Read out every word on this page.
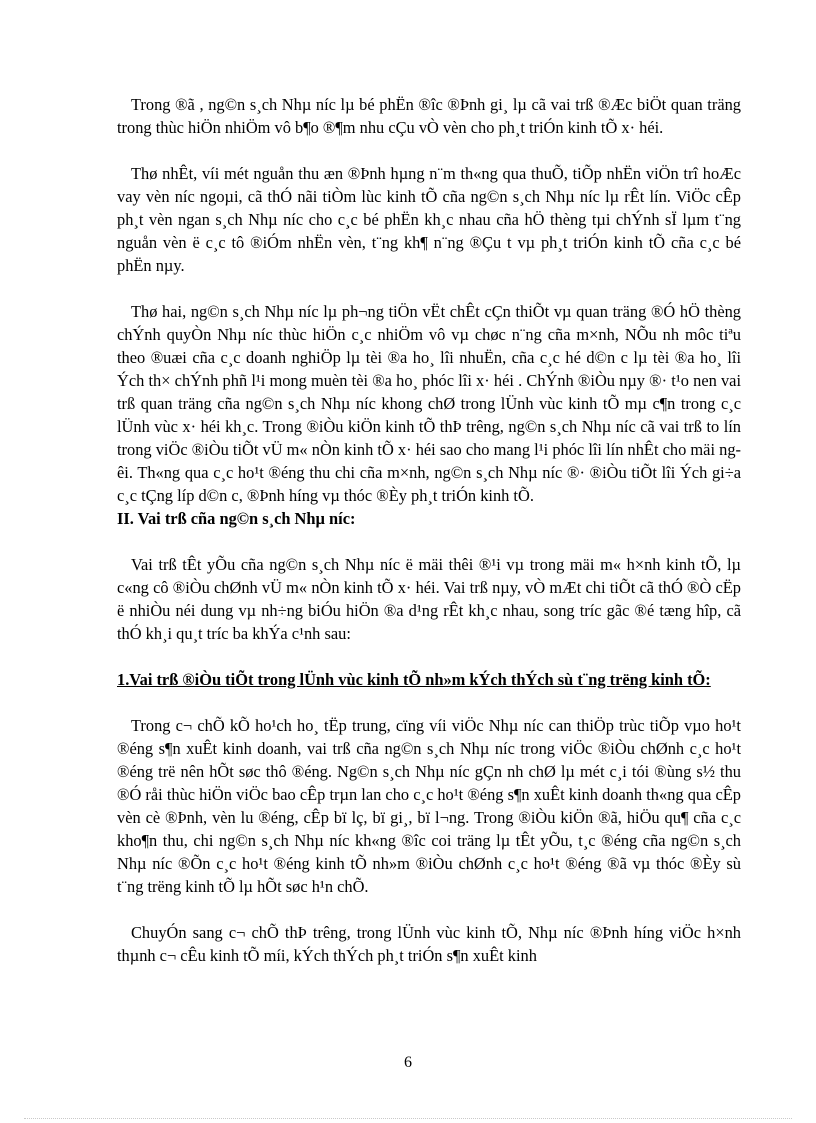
Trong ®ã , ng©n s¸ch Nhµ níc lµ bé phËn ®îc ®Þnh gi¸ lµ cã vai trß ®Æc biÖt quan träng trong thùc hiÖn nhiÖm vô b¶o ®¶m nhu cÇu vÒ vèn cho ph¸t triÓn kinh tÕ x· héi.

Thø nhÊt, víi mét nguån thu æn ®Þnh hµng n¨m th«ng qua thuÕ, tiÕp nhËn viÖn trî hoÆc vay vèn níc ngoµi, cã thÓ nãi tiÒm lùc kinh tÕ cña ng©n s¸ch Nhµ níc lµ rÊt lín. ViÖc cÊp ph¸t vèn ngan s¸ch Nhµ níc cho c¸c bé phËn kh¸c nhau cña hÖ thèng tµi chÝnh sÏ lµm t¨ng nguån vèn ë c¸c tô ®iÓm nhËn vèn, t¨ng kh¶ n¨ng ®Çu t vµ ph¸t triÓn kinh tÕ cña c¸c bé phËn nµy.

Thø hai, ng©n s¸ch Nhµ níc lµ ph¬ng tiÖn vËt chÊt cÇn thiÕt vµ quan träng ®Ó hÖ thèng chÝnh quyÒn Nhµ níc thùc hiÖn c¸c nhiÖm vô vµ chøc n¨ng cña m×nh, NÕu nh môc tiªu theo ®uæi cña c¸c doanh nghiÖp lµ tèi ®a ho¸ lîi nhuËn, cña c¸c hé d©n c lµ tèi ®a ho¸ lîi Ých th× chÝnh phñ l¹i mong muèn tèi ®a ho¸ phóc lîi x· héi . ChÝnh ®iÒu nµy ®· t¹o nen vai trß quan träng cña ng©n s¸ch Nhµ níc khong chØ trong lÜnh vùc kinh tÕ mµ c¶n trong c¸c lÜnh vùc x· héi kh¸c. Trong ®iÒu kiÖn kinh tÕ thÞ trêng, ng©n s¸ch Nhµ níc cã vai trß to lín trong viÖc ®iÒu tiÕt vÜ m« nÒn kinh tÕ x· héi sao cho mang l¹i phóc lîi lín nhÊt cho mäi ngêi. Th«ng qua c¸c ho¹t ®éng thu chi cña m×nh, ng©n s¸ch Nhµ níc ®· ®iÒu tiÕt lîi Ých gi÷a c¸c tÇng líp d©n c, ®Þnh híng vµ thóc ®Èy ph¸t triÓn kinh tÕ.

II. Vai trß cña ng©n s¸ch Nhµ níc:

Vai trß tÊt yÕu cña ng©n s¸ch Nhµ níc ë mäi thêi ®¹i vµ trong mäi m« h×nh kinh tÕ, lµ c«ng cô ®iÒu chØnh vÜ m« nÒn kinh tÕ x· héi. Vai trß nµy, vÒ mÆt chi tiÕt cã thÓ ®Ò cËp ë nhiÒu néi dung vµ nh÷ng biÓu hiÖn ®a d¹ng rÊt kh¸c nhau, song tríc gãc ®é tæng hîp, cã thÓ kh¸i qu¸t tríc ba khÝa c¹nh sau:

1.Vai trß ®iÒu tiÕt trong lÜnh vùc kinh tÕ nh»m kÝch thÝch sù t¨ng trëng kinh tÕ:

Trong c¬ chÕ kÕ ho¹ch ho¸ tËp trung, cïng víi viÖc Nhµ níc can thiÖp trùc tiÕp vµo ho¹t ®éng s¶n xuÊt kinh doanh, vai trß cña ng©n s¸ch Nhµ níc trong viÖc ®iÒu chØnh c¸c ho¹t ®éng trë nên hÕt søc thô ®éng. Ng©n s¸ch Nhµ níc gÇn nh chØ lµ mét c¸i tói ®ùng s½ thu ®Ó råi thùc hiÖn viÖc bao cÊp trµn lan cho c¸c ho¹t ®éng s¶n xuÊt kinh doanh th«ng qua cÊp vèn cè ®Þnh, vèn lu ®éng, cÊp bï lç, bï gi¸, bï l¬ng. Trong ®iÒu kiÖn ®ã, hiÖu qu¶ cña c¸c kho¶n thu, chi ng©n s¸ch Nhµ níc kh«ng ®îc coi träng lµ tÊt yÕu, t¸c ®éng cña ng©n s¸ch Nhµ níc ®Õn c¸c ho¹t ®éng kinh tÕ nh»m ®iÒu chØnh c¸c ho¹t ®éng ®ã vµ thóc ®Èy sù t¨ng trëng kinh tÕ lµ hÕt søc h¹n chÕ.

ChuyÓn sang c¬ chÕ thÞ trêng, trong lÜnh vùc kinh tÕ, Nhµ níc ®Þnh híng viÖc h×nh thµnh c¬ cÊu kinh tÕ míi, kÝch thÝch ph¸t triÓn s¶n xuÊt kinh

6
